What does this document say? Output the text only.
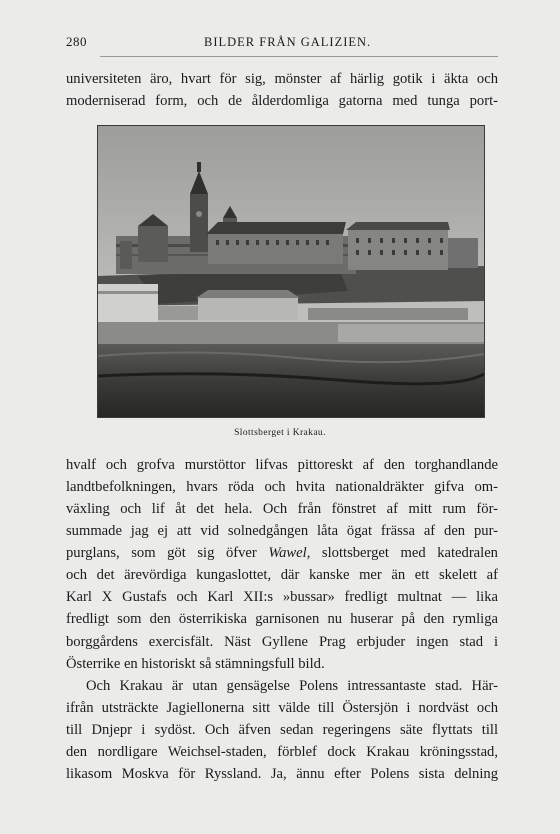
280	BILDER FRÅN GALIZIEN.
universiteten äro, hvart för sig, mönster af härlig gotik i äkta och
moderniserad form, och de ålderdomliga gatorna med tunga port-
Slottsberget i Krakau.
hvalf och grofva murstöttor lifvas pittoreskt af den torghandlande
landtbefolkningen, hvars röda och hvita nationaldräkter gifva om-
växling och lif åt det hela. Och från fönstret af mitt rum för-
summade jag ej att vid solnedgången låta ögat frässa af den pur-
purglans, som göt sig öfver Wawel, slottsberget med katedralen
och det ärevördiga kungaslottet, där kanske mer än ett skelett af
Karl X Gustafs och Karl XII:s »bussar» fredligt multnat — lika
fredligt som den österrikiska garnisonen nu huserar på den rymliga
borggårdens exercisfält. Näst Gyllene Prag erbjuder ingen stad i
Österrike en historiskt så stämningsfull bild.
Och Krakau är utan gensägelse Polens intressantaste stad. Här-
ifrån utsträckte Jagiellonerna sitt välde till Östersjön i nordväst och
till Dnjepr i sydöst. Och äfven sedan regeringens säte flyttats till
den nordligare Weichsel-staden, förblef dock Krakau kröningsstad,
likasom Moskva för Ryssland. Ja, ännu efter Polens sista delning
